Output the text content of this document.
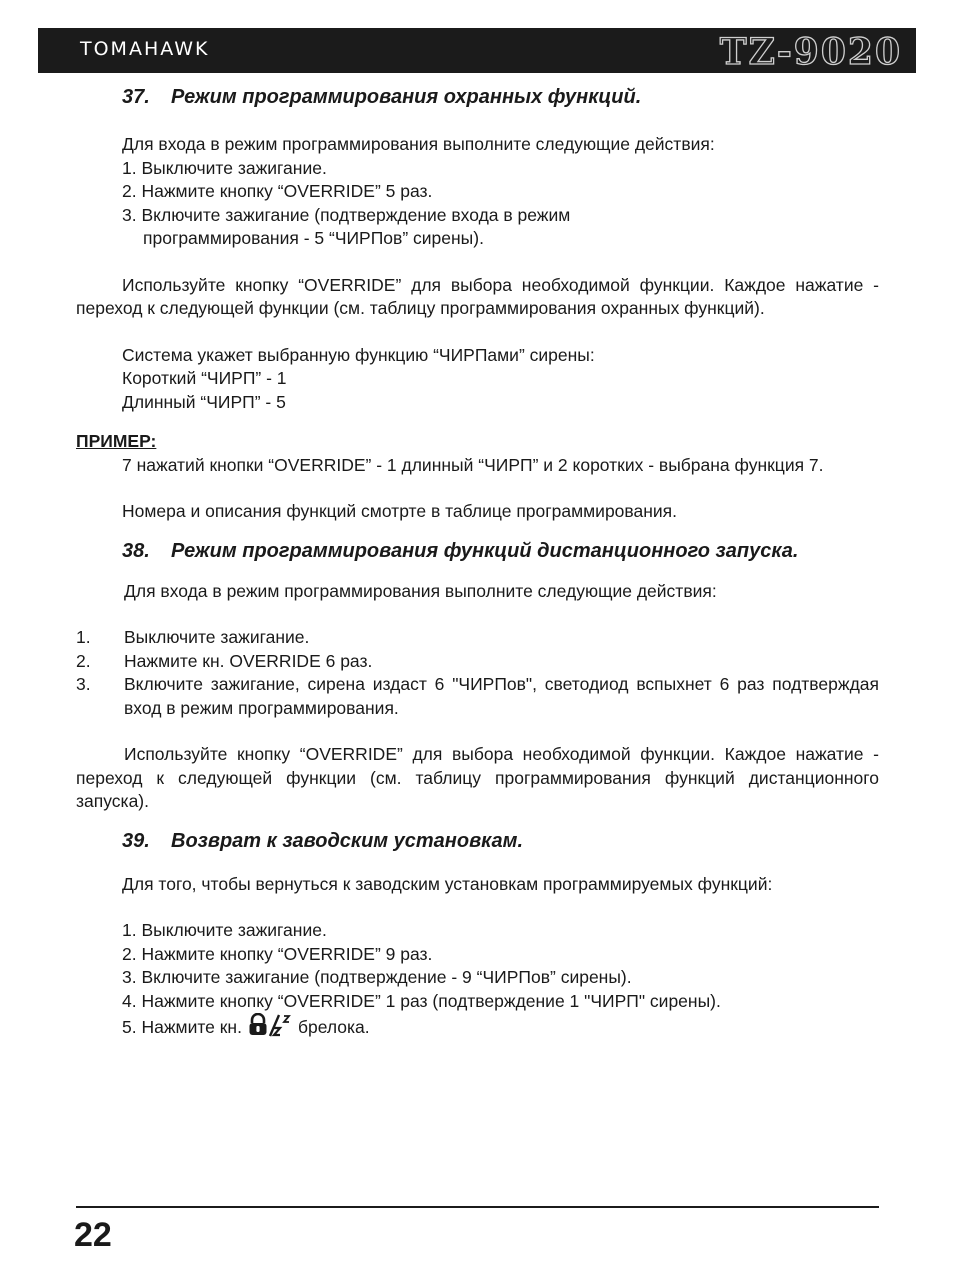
TOMAHAWK	TZ-9020
37.	Режим программирования охранных функций.

Для входа в режим программирования выполните следующие действия:

1. Выключите зажигание.

2. Нажмите кнопку “OVERRIDE” 5 раз.

3. Включите зажигание (подтверждение входа в режим

программирования - 5 “ЧИРПов” сирены).

Используйте кнопку “OVERRIDE” для выбора необходимой функции. Каждое нажатие - переход к следующей функции (см. таблицу программирования охранных функций).

Система укажет выбранную функцию “ЧИРПами” сирены:

Короткий “ЧИРП” - 1

Длинный “ЧИРП” - 5

ПРИМЕР:

7 нажатий кнопки “OVERRIDE” - 1 длинный “ЧИРП” и 2 коротких - выбрана функция 7.

Номера и описания функций смотрте в таблице программирования.

38.	Режим программирования функций дистанционного запуска.

Для входа в режим программирования выполните следующие действия:

1.	Выключите зажигание.
2.	Нажмите кн. OVERRIDE 6 раз.
3.	Включите зажигание, сирена издаст 6 "ЧИРПов", светодиод вспыхнет 6 раз подтверждая вход в режим программирования.

Используйте кнопку “OVERRIDE” для выбора необходимой функции. Каждое нажатие - переход к следующей функции (см. таблицу программирования функций дистанционного запуска).

39.	Возврат к заводским установкам.

Для того, чтобы вернуться к заводским установкам программируемых функций:

1. Выключите зажигание.

2. Нажмите кнопку “OVERRIDE” 9 раз.

3. Включите зажигание (подтверждение - 9 “ЧИРПов” сирены).

4. Нажмите кнопку “OVERRIDE” 1 раз (подтверждение 1 "ЧИРП" сирены).

5. Нажмите кн.	брелока.

22
